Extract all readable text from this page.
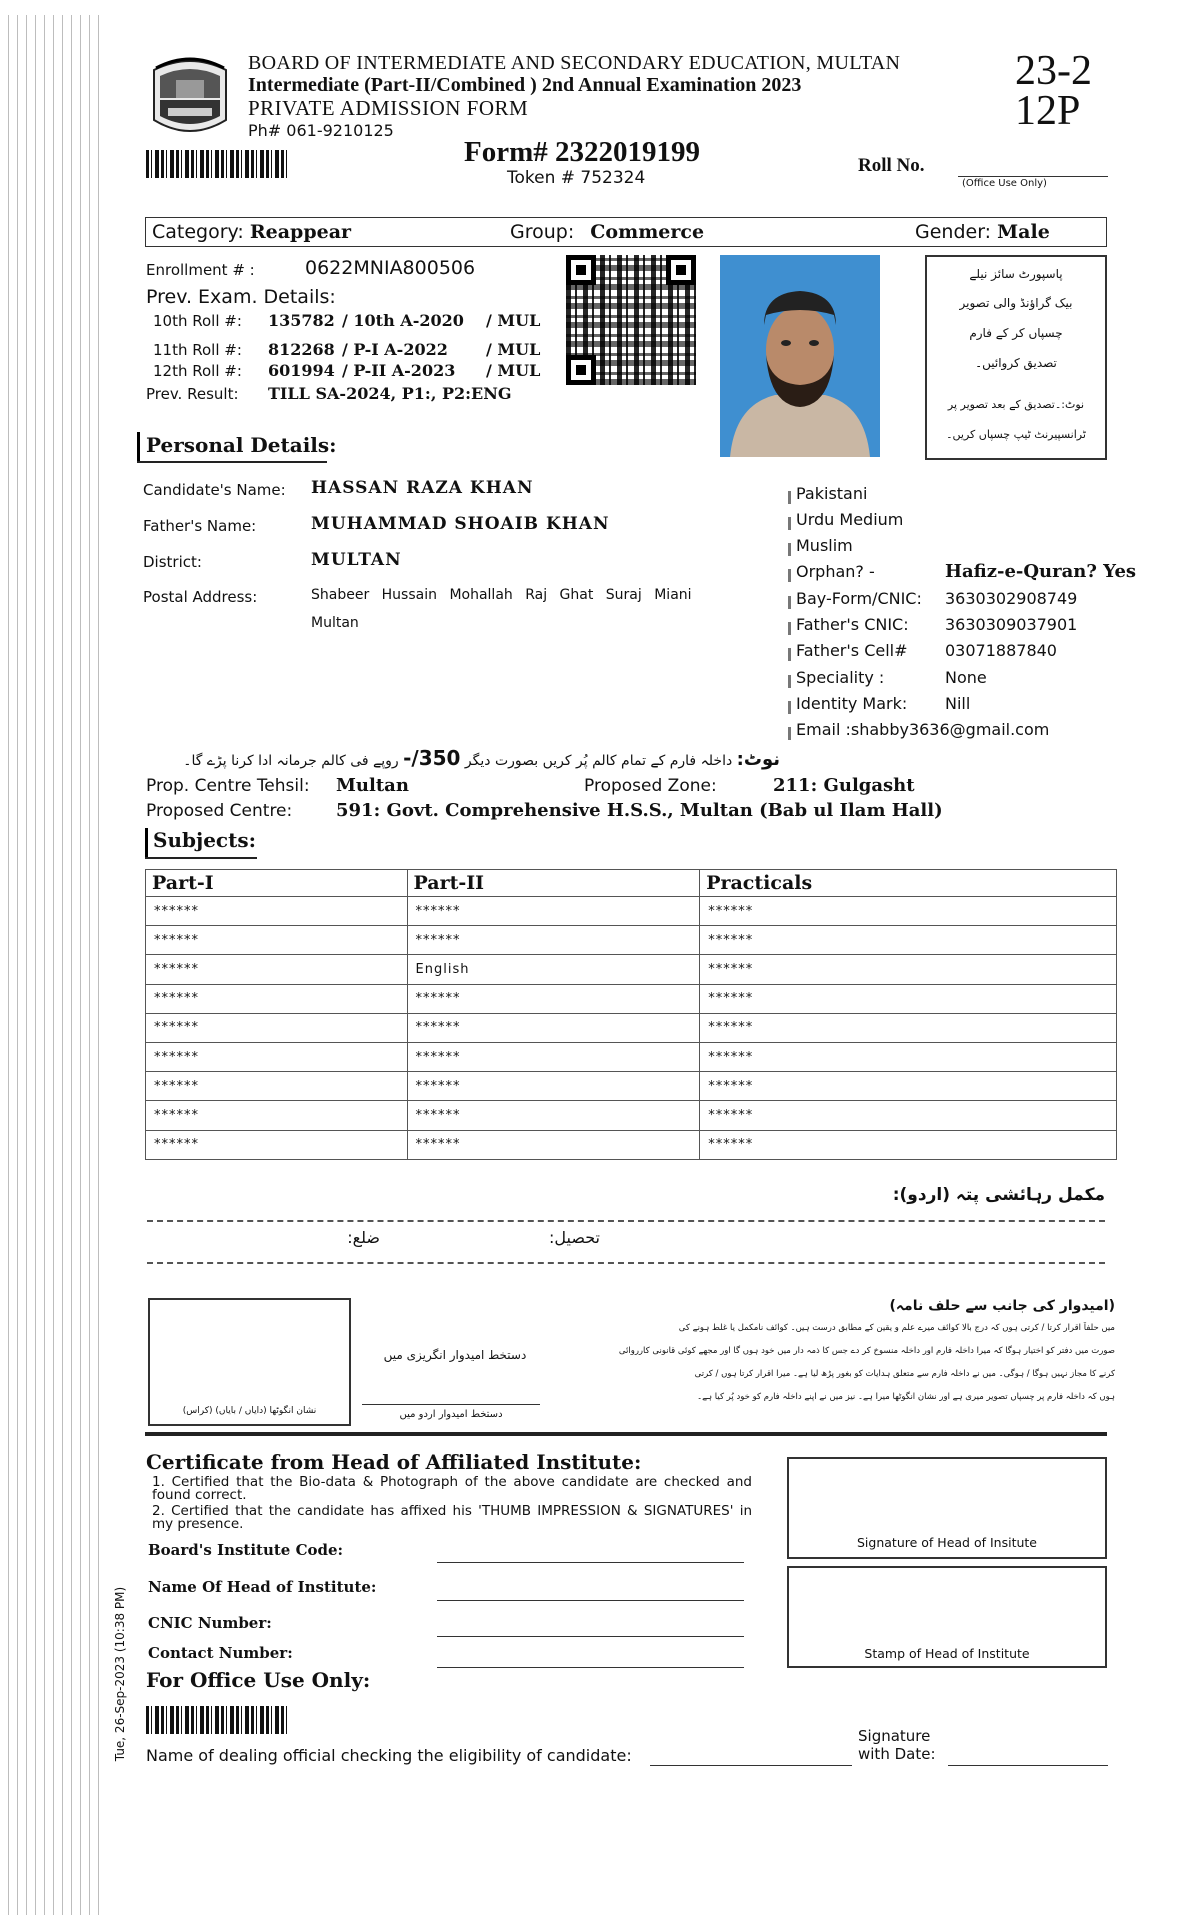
BOARD OF INTERMEDIATE AND SECONDARY EDUCATION, MULTAN
Intermediate (Part-II/Combined ) 2nd Annual Examination 2023
PRIVATE ADMISSION FORM
Ph# 061-9210125
23-2
12P
Form# 2322019199
Token # 752324
Roll No.
(Office Use Only)
Category: Reappear	Group: Commerce	Gender: Male
Enrollment # :	0622MNIA800506
Prev. Exam. Details:
10th Roll #: 135782 / 10th A-2020 / MUL
11th Roll #: 812268 / P-I A-2022 / MUL
12th Roll #: 601994 / P-II A-2023 / MUL
Prev. Result: TILL SA-2024, P1:, P2:ENG
پاسپورٹ سائز نیلے
بیک گراؤنڈ والی تصویر
چسپاں کر کے فارم
تصدیق کروائیں۔
نوٹ:۔تصدیق کے بعد تصویر پر
ٹرانسپیرنٹ ٹیپ چسپاں کریں۔
Personal Details:
Candidate's Name: HASSAN RAZA KHAN
Father's Name:	MUHAMMAD SHOAIB KHAN
District:	MULTAN
Postal Address:	Shabeer Hussain Mohallah Raj Ghat Suraj Miani
Multan
Pakistani
Urdu Medium
Muslim
Orphan? -	Hafiz-e-Quran? Yes
Bay-Form/CNIC: 3630302908749
Father's CNIC: 3630309037901
Father's Cell# 03071887840
Speciality :	None
Identity Mark: Nill
Email :shabby3636@gmail.com
نوٹ: داخلہ فارم کے تمام کالم پُر کریں بصورت دیگر -/350 روپے فی کالم جرمانہ ادا کرنا پڑے گا۔
Prop. Centre Tehsil: Multan	Proposed Zone:	211: Gulgasht
Proposed Centre: 591: Govt. Comprehensive H.S.S., Multan (Bab ul Ilam Hall)
Subjects:
Part-I	Part-II	Practicals
******	******	******
******	******	******
******	English	******
******	******	******
******	******	******
******	******	******
******	******	******
******	******	******
******	******	******
مکمل رہائشی پتہ (اردو):
ضلع:	تحصیل:
نشان انگوٹھا (دایاں / بایاں) (کراس)
دستخط امیدوار انگریزی میں
دستخط امیدوار اردو میں
(امیدوار کی جانب سے حلف نامہ)
میں حلفاً اقرار کرتا / کرتی ہوں کہ درج بالا کوائف میرے علم و یقین کے مطابق درست ہیں۔ کوائف نامکمل یا غلط ہونے کی
صورت میں دفتر کو اختیار ہوگا کہ میرا داخلہ فارم اور داخلہ منسوخ کر دے جس کا ذمہ دار میں خود ہوں گا اور مجھے کوئی قانونی کارروائی
کرنے کا مجاز نہیں ہوگا / ہوگی۔ میں نے داخلہ فارم سے متعلق ہدایات کو بغور پڑھ لیا ہے۔ میرا اقرار کرتا ہوں / کرتی
ہوں کہ داخلہ فارم پر چسپاں تصویر میری ہے اور نشان انگوٹھا میرا ہے۔ نیز میں نے اپنے داخلہ فارم کو خود پُر کیا ہے۔
Certificate from Head of Affiliated Institute:
1. Certified that the Bio-data & Photograph of the above candidate are checked and found correct.
2. Certified that the candidate has affixed his 'THUMB IMPRESSION & SIGNATURES' in my presence.
Board's Institute Code:
Name Of Head of Institute:
CNIC Number:
Contact Number:
Signature of Head of Insitute
Stamp of Head of Institute
For Office Use Only:
Name of dealing official checking the eligibility of candidate:
Signature
with Date:
Tue, 26-Sep-2023 (10:38 PM)
